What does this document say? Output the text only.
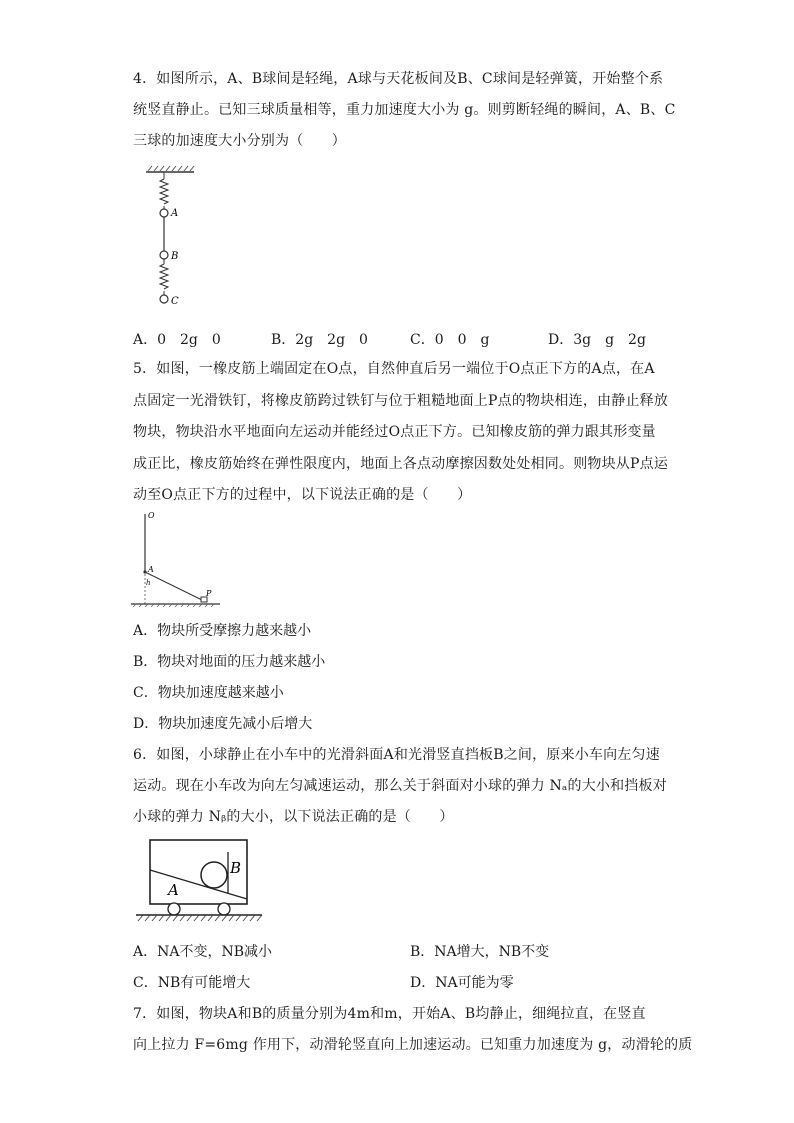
4．如图所示，A、B球间是轻绳，A球与天花板间及B、C球间是轻弹簧，开始整个系
统竖直静止。已知三球质量相等，重力加速度大小为 g。则剪断轻绳的瞬间，A、B、C
三球的加速度大小分别为（　　）
A
B
C
A．0　2g　0	B．2g　2g　0	C．0　0　g	D．3g　g　2g
5．如图，一橡皮筋上端固定在O点，自然伸直后另一端位于O点正下方的A点，在A
点固定一光滑铁钉，将橡皮筋跨过铁钉与位于粗糙地面上P点的物块相连，由静止释放
物块，物块沿水平地面向左运动并能经过O点正下方。已知橡皮筋的弹力跟其形变量
成正比，橡皮筋始终在弹性限度内，地面上各点动摩擦因数处处相同。则物块从P点运
动至O点正下方的过程中，以下说法正确的是（　　）
O
A
h
P
A．物块所受摩擦力越来越小
B．物块对地面的压力越来越小
C．物块加速度越来越小
D．物块加速度先减小后增大
6．如图，小球静止在小车中的光滑斜面A和光滑竖直挡板B之间，原来小车向左匀速
运动。现在小车改为向左匀减速运动，那么关于斜面对小球的弹力 Nₐ的大小和挡板对
小球的弹力 Nᵦ的大小，以下说法正确的是（　　）
B
A
A．NA不变，NB减小	B．NA增大，NB不变
C．NB有可能增大	D．NA可能为零
7．如图，物块A和B的质量分别为4m和m，开始A、B均静止，细绳拉直，在竖直
向上拉力 F=6mg 作用下，动滑轮竖直向上加速运动。已知重力加速度为 g，动滑轮的质
